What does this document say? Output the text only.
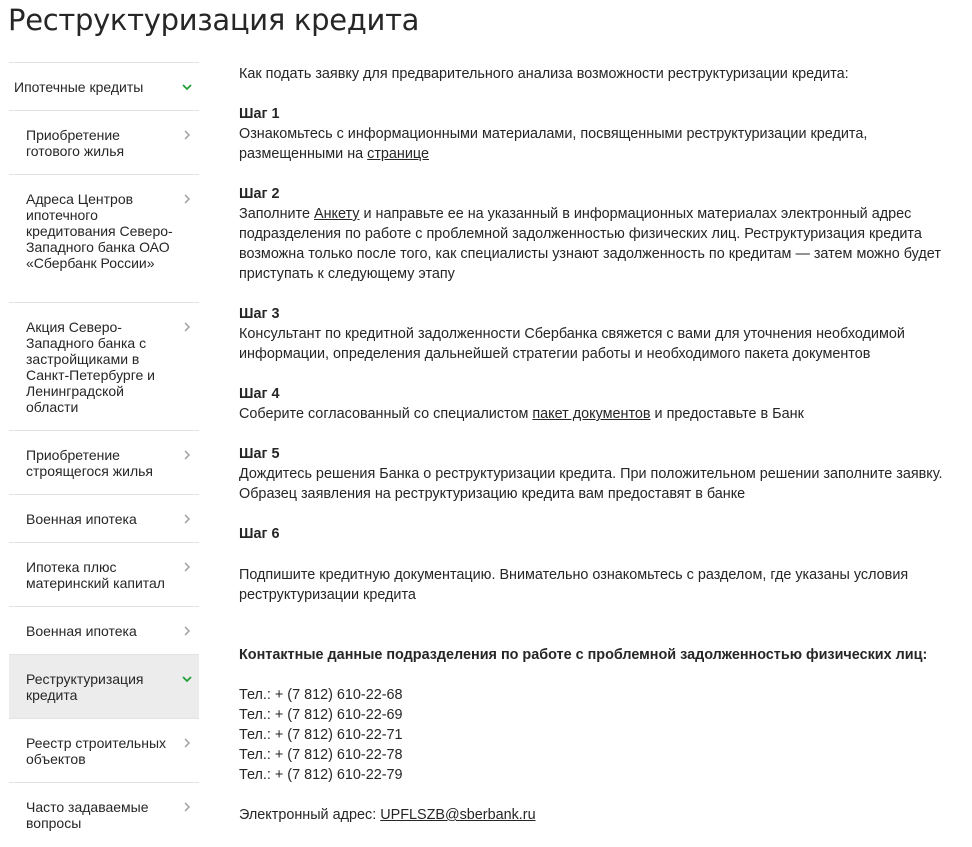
Реструктуризация кредита
Ипотечные кредиты
Приобретение готового жилья
Адреса Центров ипотечного кредитования Северо-Западного банка ОАО «Сбербанк России»
Акция Северо-Западного банка с застройщиками в Санкт-Петербурге и Ленинградской области
Приобретение строящегося жилья
Военная ипотека
Ипотека плюс материнский капитал
Военная ипотека
Реструктуризация кредита
Реестр строительных объектов
Часто задаваемые вопросы

Как подать заявку для предварительного анализа возможности реструктуризации кредита:

Шаг 1

Ознакомьтесь с информационными материалами, посвященными реструктуризации кредита, размещенными на странице

Шаг 2

Заполните Анкету и направьте ее на указанный в информационных материалах электронный адрес подразделения по работе с проблемной задолженностью физических лиц. Реструктуризация кредита возможна только после того, как специалисты узнают задолженность по кредитам — затем можно будет приступать к следующему этапу

Шаг 3

Консультант по кредитной задолженности Сбербанка свяжется с вами для уточнения необходимой информации, определения дальнейшей стратегии работы и необходимого пакета документов

Шаг 4

Соберите согласованный со специалистом пакет документов и предоставьте в Банк

Шаг 5

Дождитесь решения Банка о реструктуризации кредита. При положительном решении заполните заявку. Образец заявления на реструктуризацию кредита вам предоставят в банке

Шаг 6

Подпишите кредитную документацию. Внимательно ознакомьтесь с разделом, где указаны условия реструктуризации кредита

Контактные данные подразделения по работе с проблемной задолженностью физических лиц:

Тел.: + (7 812) 610-22-68

Тел.: + (7 812) 610-22-69

Тел.: + (7 812) 610-22-71

Тел.: + (7 812) 610-22-78

Тел.: + (7 812) 610-22-79

Электронный адрес: UPFLSZB@sberbank.ru
